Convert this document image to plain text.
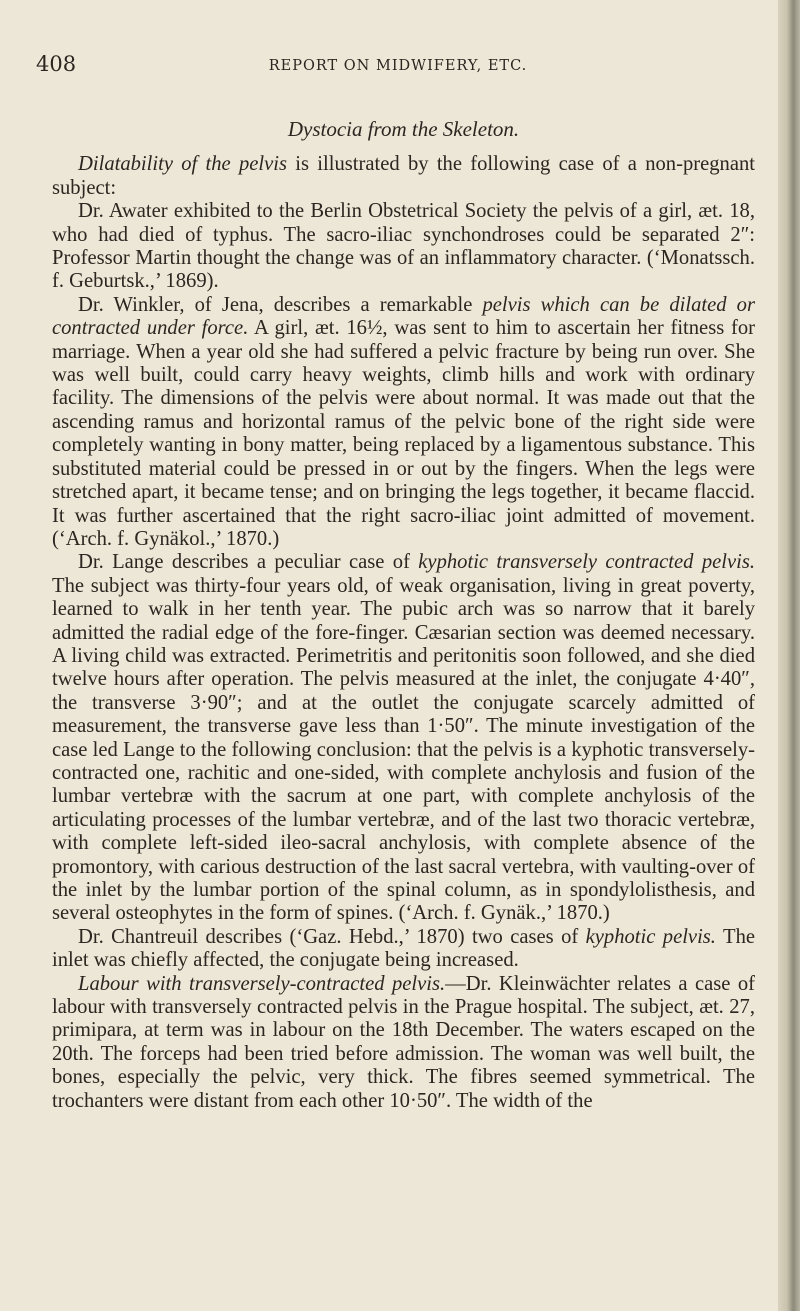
408	REPORT ON MIDWIFERY, ETC.
Dystocia from the Skeleton.

Dilatability of the pelvis is illustrated by the following case of a non-pregnant subject:

Dr. Awater exhibited to the Berlin Obstetrical Society the pelvis of a girl, æt. 18, who had died of typhus. The sacro-iliac synchondroses could be separated 2″: Professor Martin thought the change was of an inflammatory character. (‘Monatssch. f. Geburtsk.,’ 1869).

Dr. Winkler, of Jena, describes a remarkable pelvis which can be dilated or contracted under force. A girl, æt. 16½, was sent to him to ascertain her fitness for marriage. When a year old she had suffered a pelvic fracture by being run over. She was well built, could carry heavy weights, climb hills and work with ordinary facility. The dimensions of the pelvis were about normal. It was made out that the ascending ramus and horizontal ramus of the pelvic bone of the right side were completely wanting in bony matter, being replaced by a ligamentous substance. This substituted material could be pressed in or out by the fingers. When the legs were stretched apart, it became tense; and on bringing the legs together, it became flaccid. It was further ascertained that the right sacro-iliac joint admitted of movement. (‘Arch. f. Gynäkol.,’ 1870.)

Dr. Lange describes a peculiar case of kyphotic transversely contracted pelvis. The subject was thirty-four years old, of weak organisation, living in great poverty, learned to walk in her tenth year. The pubic arch was so narrow that it barely admitted the radial edge of the fore-finger. Cæsarian section was deemed necessary. A living child was extracted. Perimetritis and peritonitis soon followed, and she died twelve hours after operation. The pelvis measured at the inlet, the conjugate 4·40″, the transverse 3·90″; and at the outlet the conjugate scarcely admitted of measurement, the transverse gave less than 1·50″. The minute investigation of the case led Lange to the following conclusion: that the pelvis is a kyphotic transversely-contracted one, rachitic and one-sided, with complete anchylosis and fusion of the lumbar vertebræ with the sacrum at one part, with complete anchylosis of the articulating processes of the lumbar vertebræ, and of the last two thoracic vertebræ, with complete left-sided ileo-sacral anchylosis, with complete absence of the promontory, with carious destruction of the last sacral vertebra, with vaulting-over of the inlet by the lumbar portion of the spinal column, as in spondylolisthesis, and several osteophytes in the form of spines. (‘Arch. f. Gynäk.,’ 1870.)

Dr. Chantreuil describes (‘Gaz. Hebd.,’ 1870) two cases of kyphotic pelvis. The inlet was chiefly affected, the conjugate being increased.

Labour with transversely-contracted pelvis.—Dr. Kleinwächter relates a case of labour with transversely contracted pelvis in the Prague hospital. The subject, æt. 27, primipara, at term was in labour on the 18th December. The waters escaped on the 20th. The forceps had been tried before admission. The woman was well built, the bones, especially the pelvic, very thick. The fibres seemed symmetrical. The trochanters were distant from each other 10·50″. The width of the
